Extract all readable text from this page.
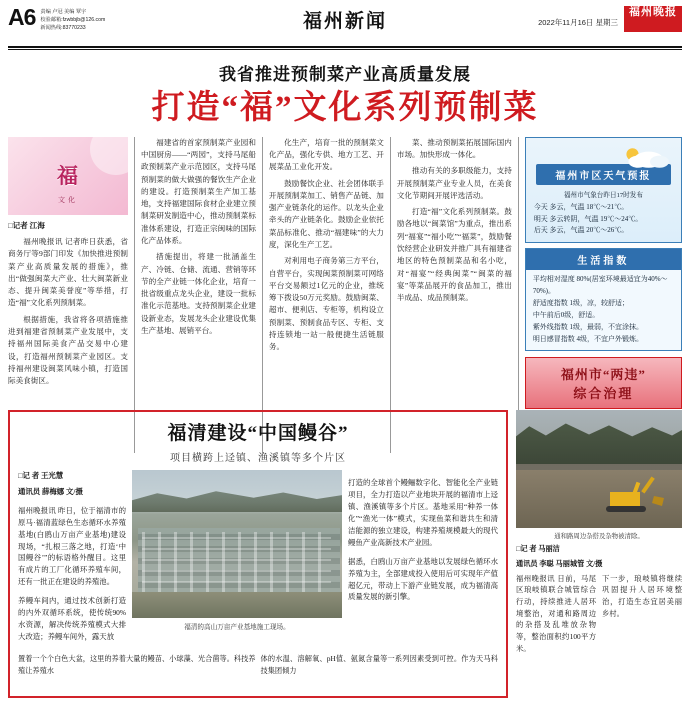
A6 责编 卢冠 美编 覃宇
校验邮箱:fzwbbjb@126.com
新闻热线:83770233	福州新闻	2022年11月16日 星期三
福州晚报
我省推进预制菜产业高质量发展
打造“福”文化系列预制菜
福
文化
□记者 江海

福州晚报讯 记者昨日获悉，省商务厅等9部门印发《加快推进预制菜产业高质量发展的措施》，推出“做强闽菜大产业、壮大闽菜新业态、提升闽菜美誉度”等举措，打造“福”文化系列预制菜。

根据措施，我省将各项措施推进到福建省预制菜产业发展中，支持福州国际美食产品交易中心建设，打造福州预制菜产业园区。支持福州建设闽菜风味小镇，打造国际美食街区。

福建省的首家预制菜产业园和中国厨房——“两园”，支持马尾船政预制菜产业示范园区，支持马尾预制菜的做大做强的餐饮生产企业的建设。打造预制菜生产加工基地，支持福建国际食材企业建立预制菜研发制造中心，推动预制菜标准体系建设，打造正宗闽味的国际化产品体系。

措施提出，将建一批涵盖生产、冷链、仓储、流通、营销等环节的全产业链一体化企业，培育一批省级重点龙头企业，建设一批标准化示范基地。支持预制菜企业建设新业态，发展龙头企业建设优集生产基地、展销平台。

化生产，培育一批的预制菜文化产品，强化专供、地方工艺、开展菜品工业化开发。

鼓励餐饮企业、社会团体联手开展预制菜加工、销售产品链、加强产业链条化的运作。以龙头企业牵头的产业链条化。鼓励企业依托菜品标准化、推动“福建味”的大力度，深化生产工艺。

对利用电子商务第三方平台，自营平台，实现闽菜预制菜可网络平台交易额过1亿元的企业，推统筹下拨设50万元奖励。鼓励闽菜、超市、便利店、专柜等，机构设立预制菜、预制食品专区、专柜、支持连锁地一站一般便捷生活链服务。

菜、推动预制菜拓展国际国内市场。加快形成一体化。

推动有关的多职级能力，支持开展预制菜产业专业人员，在美食文化节期间开展评选活动。

打造“福”文化系列预制菜。鼓励各地以“闽菜馆”为重点，推出系列“福宴”“福小吃”“福菜”，鼓励餐饮经营企业研发并推广具有福建省地区的特色预制菜品和名小吃，对“福宴”“经典闽菜”“闽菜的福宴”等菜品展开的食品加工，推出半成品、成品预制菜。

福州市区天气预报
福州市气象台昨日17时发布
今天 多云，气温 18℃～21℃。
明天 多云转阴，气温 19℃～24℃。
后天 多云，气温 20℃～26℃。
生活指数
平均相对湿度 80%(居室环境最适宜为40%～70%)。
舒适度指数 1级，凉，较舒适；
中午前后0级，舒适。
紫外线指数 1级，最弱，不宜涂抹。
明日感冒指数 4级，不宜户外锻炼。
福州市“两违”
综合治理
福清建设“中国鳗谷”
项目横跨上迳镇、渔溪镇等多个片区
□记 者 王光慧
通讯员 薛梅娜 文/摄

福州晚报讯 昨日，位于福清市的原马·福清蓝绿色生态循环水养殖基地(白鸥山万亩产业基地)建设现场，“扎根三落之地，打造‘中国鳗谷’”的标语格外醒目。这里有成片的工厂化循环养殖车间，还有一批正在建设的养殖池。

养鳗车间内，通过技术创新打造的内外双循环系统，使传统90%水资源，解决传统养殖模式大排大改造；养鳗车间外，露天放

福清的高山万亩产业基地施工现场。

打造的全球首个鳗鲡数字化、智能化全产业链项目，全力打造以产业地块开展的福清市上迳镇、渔溪镇等多个片区。基地采用“种养一体化”“渔光一体”模式，实现鱼菜和谐共生和清洁能源的独立建设，构建养殖规模最大的现代鳗鱼产业高新技术产业园。

据悉，白鸥山万亩产业基地以发展绿色循环水养殖为主，全部建成投入使用后可实现年产值超亿元，带动上下游产业链发展，成为福清高质量发展的新引擎。

置着一个个白色大盆，这里的养着大量的鳗苗、小球藻、光合菌等。科技养殖让养殖水
体的水温、溶解氧、pH值、氨氮含量等一系列因素受到可控。作为天马科技集团倾力
通和路周边杂搭及杂物被清除。
□记 者 马丽洁
通讯员 李聪 马丽城管 文/摄
福州晚报讯 日前，马尾区琅岐镇联合城管综合行动，持续推进人居环境整治，对通和路周边的杂搭及乱堆放杂物等，整治面积约100平方米。
下一步，琅岐镇将继续巩固提升人居环境整治，打造生态宜居美丽乡村。
